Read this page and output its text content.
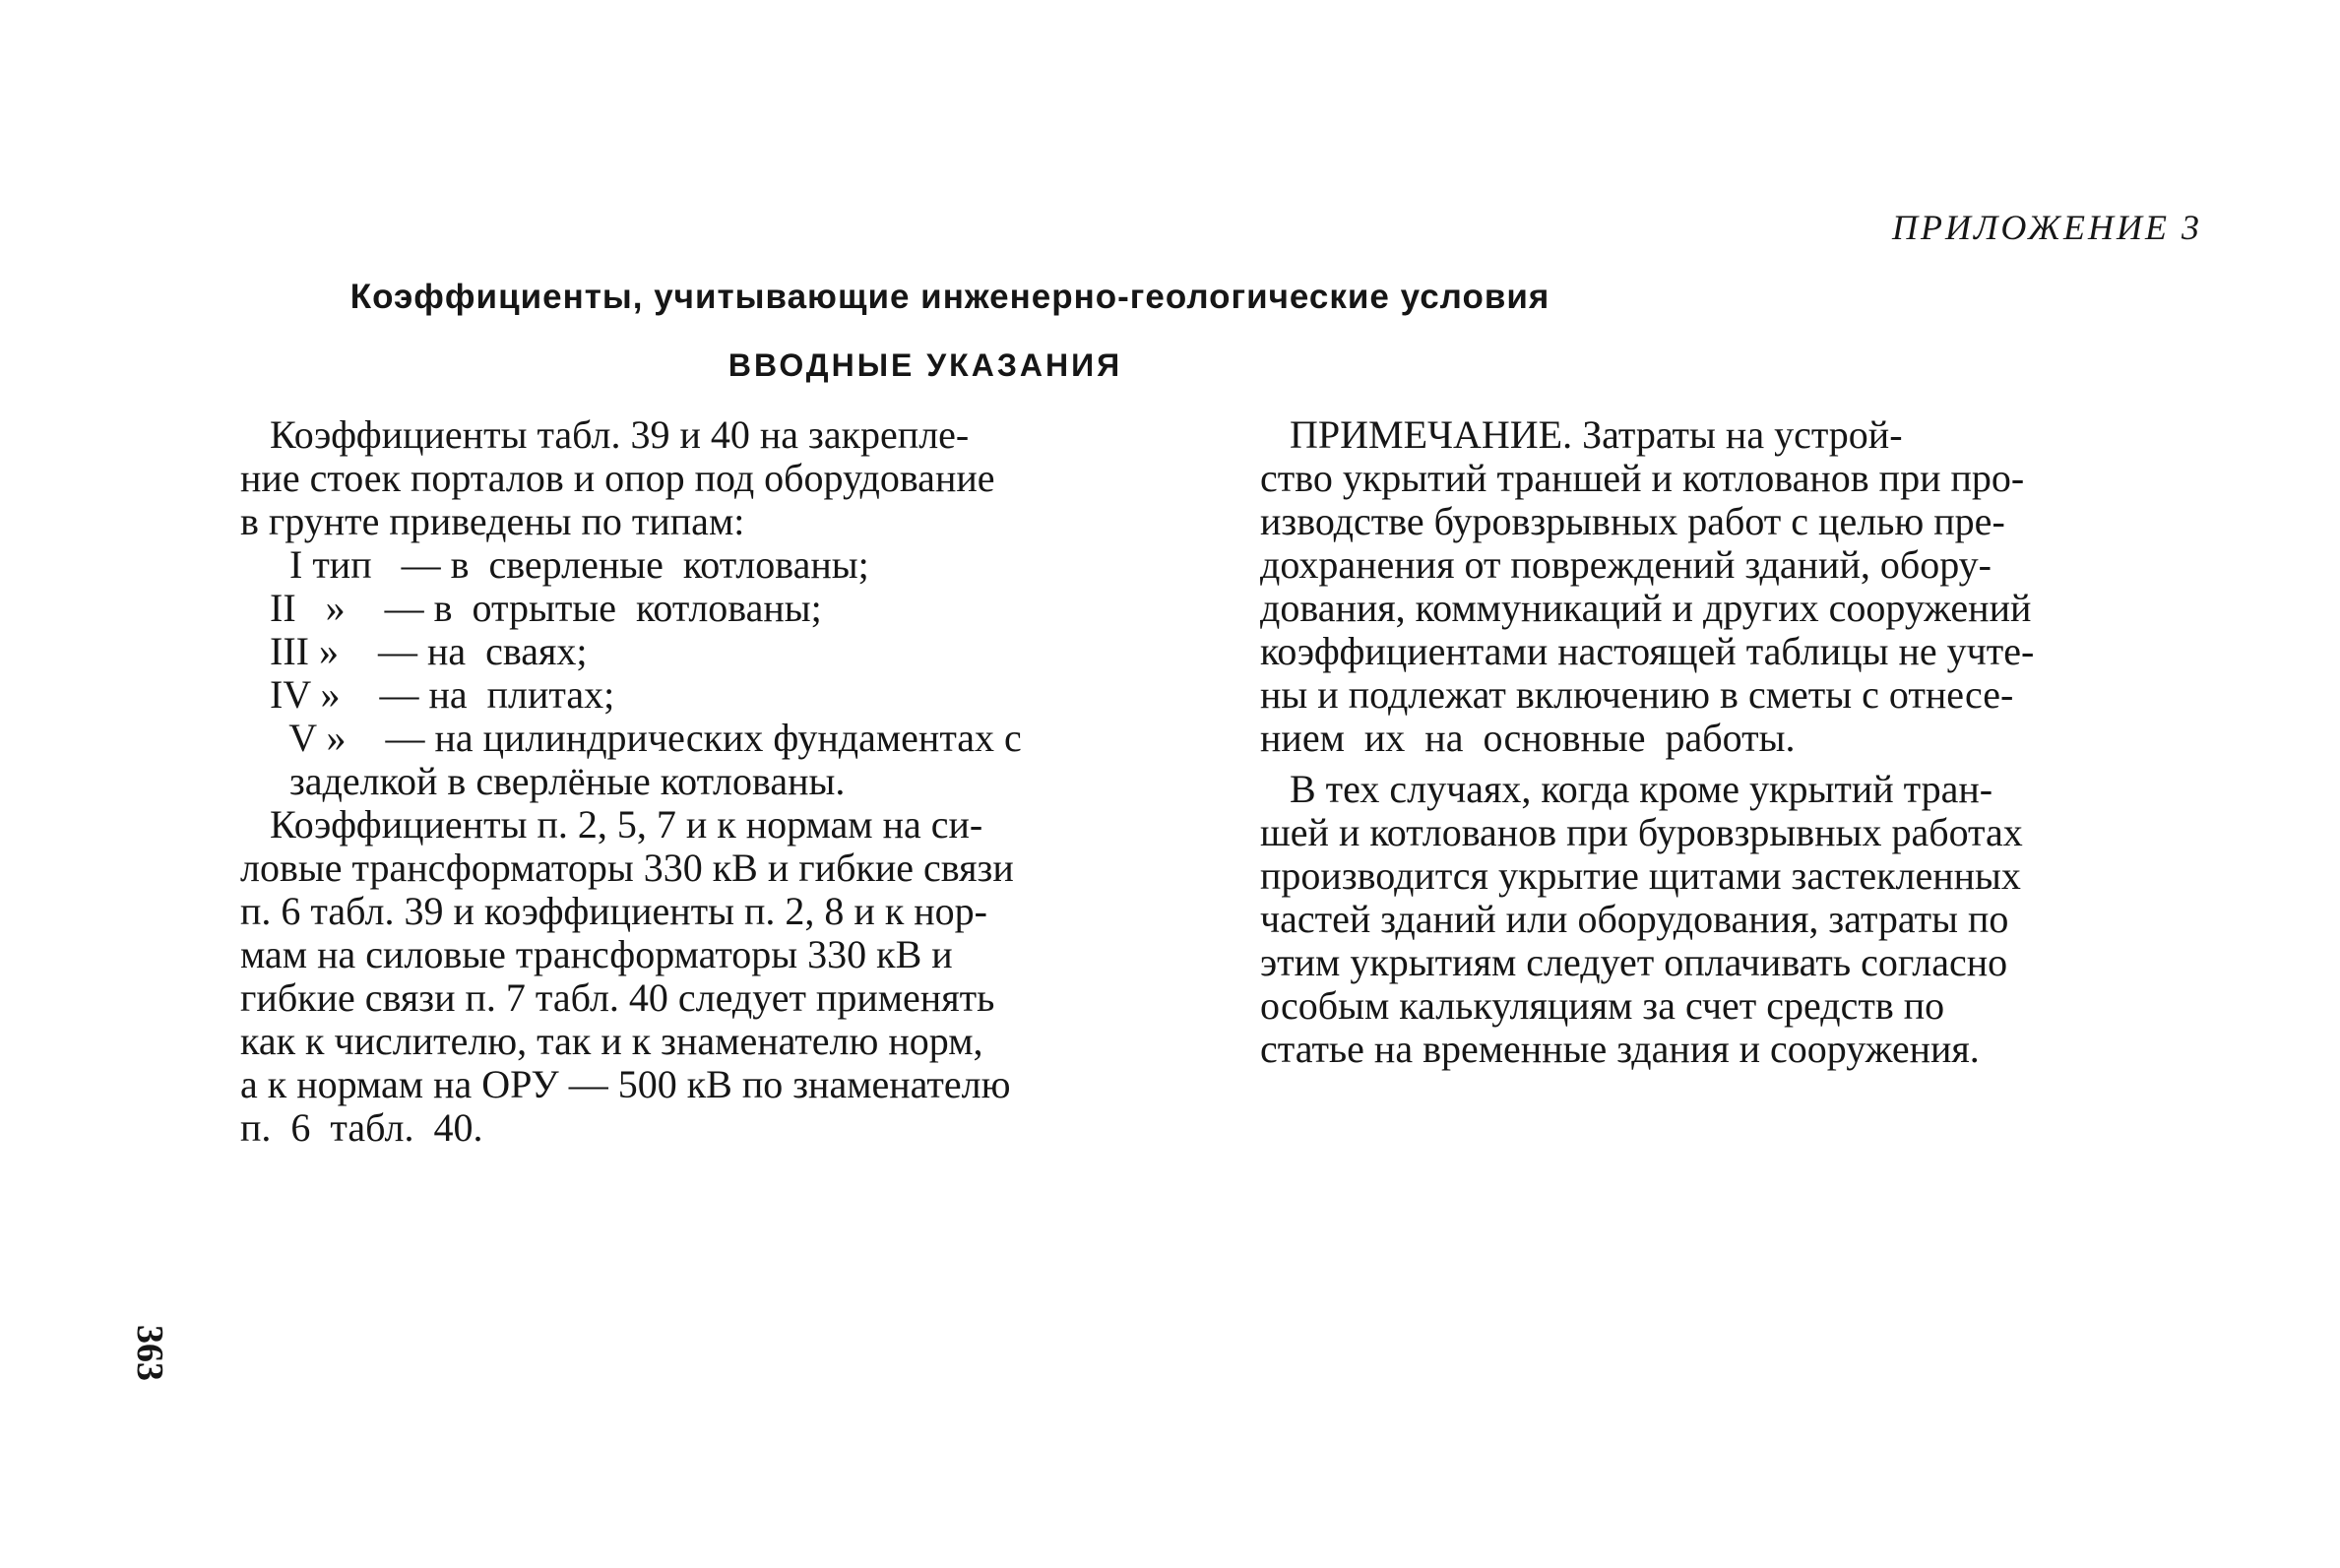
ПРИЛОЖЕНИЕ 3
Коэффициенты, учитывающие инженерно-геологические условия
ВВОДНЫЕ УКАЗАНИЯ
Коэффициенты табл. 39 и 40 на закрепле-
ние стоек порталов и опор под оборудование
в грунте приведены по типам:
I тип   — в  сверленые  котлованы;
II   »    — в  отрытые  котлованы;
III »    — на  сваях;
IV »    — на  плитах;
V »    — на цилиндрических фундаментах с
заделкой в сверлёные котлованы.
Коэффициенты п. 2, 5, 7 и к нормам на си-
ловые трансформаторы 330 кВ и гибкие связи
п. 6 табл. 39 и коэффициенты п. 2, 8 и к нор-
мам на силовые трансформаторы 330 кВ и
гибкие связи п. 7 табл. 40 следует применять
как к числителю, так и к знаменателю норм,
а к нормам на ОРУ — 500 кВ по знаменателю
п.  6  табл.  40.
ПРИМЕЧАНИЕ. Затраты на устрой-
ство укрытий траншей и котлованов при про-
изводстве буровзрывных работ с целью пре-
дохранения от повреждений зданий, обору-
дования, коммуникаций и других сооружений
коэффициентами настоящей таблицы не учте-
ны и подлежат включению в сметы с отнесе-
нием  их  на  основные  работы.
В тех случаях, когда кроме укрытий тран-
шей и котлованов при буровзрывных работах
производится укрытие щитами застекленных
частей зданий или оборудования, затраты по
этим укрытиям следует оплачивать согласно
особым калькуляциям за счет средств по
статье на временные здания и сооружения.
363
